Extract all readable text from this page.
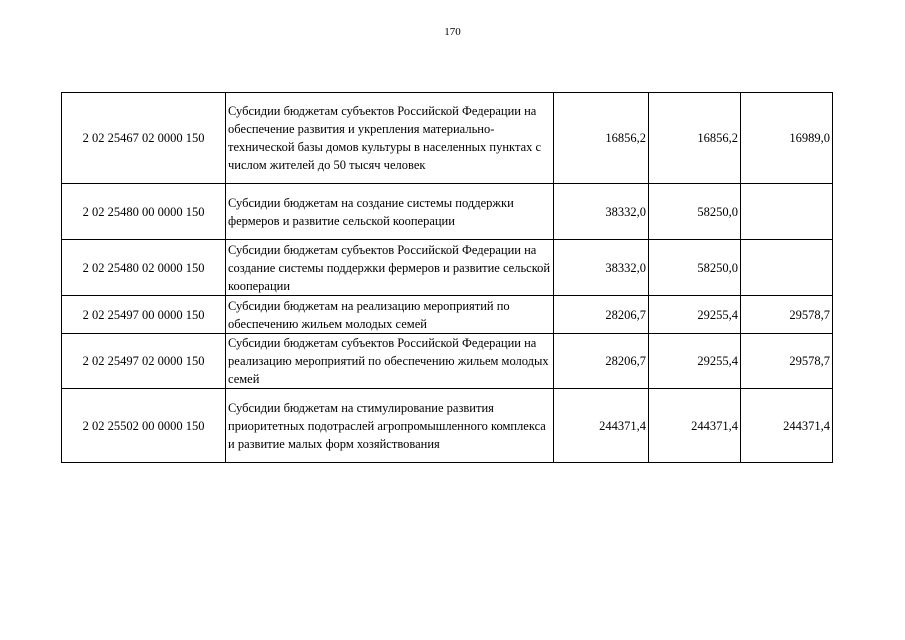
170
2 02 25467 02 0000 150	Субсидии бюджетам субъектов Российской Федерации на обеспечение развития и укрепления материально-технической базы домов культуры в населенных пунктах с числом жителей до 50 тысяч человек	16856,2	16856,2	16989,0
2 02 25480 00 0000 150	Субсидии бюджетам на создание системы поддержки фермеров и развитие сельской кооперации	38332,0	58250,0	
2 02 25480 02 0000 150	Субсидии бюджетам субъектов Российской Федерации на создание системы поддержки фермеров и развитие сельской кооперации	38332,0	58250,0	
2 02 25497 00 0000 150	Субсидии бюджетам на реализацию мероприятий по обеспечению жильем молодых семей	28206,7	29255,4	29578,7
2 02 25497 02 0000 150	Субсидии бюджетам субъектов Российской Федерации на реализацию мероприятий по обеспечению жильем молодых семей	28206,7	29255,4	29578,7
2 02 25502 00 0000 150	Субсидии бюджетам на стимулирование развития приоритетных подотраслей агропромышленного комплекса и развитие малых форм хозяйствования	244371,4	244371,4	244371,4
